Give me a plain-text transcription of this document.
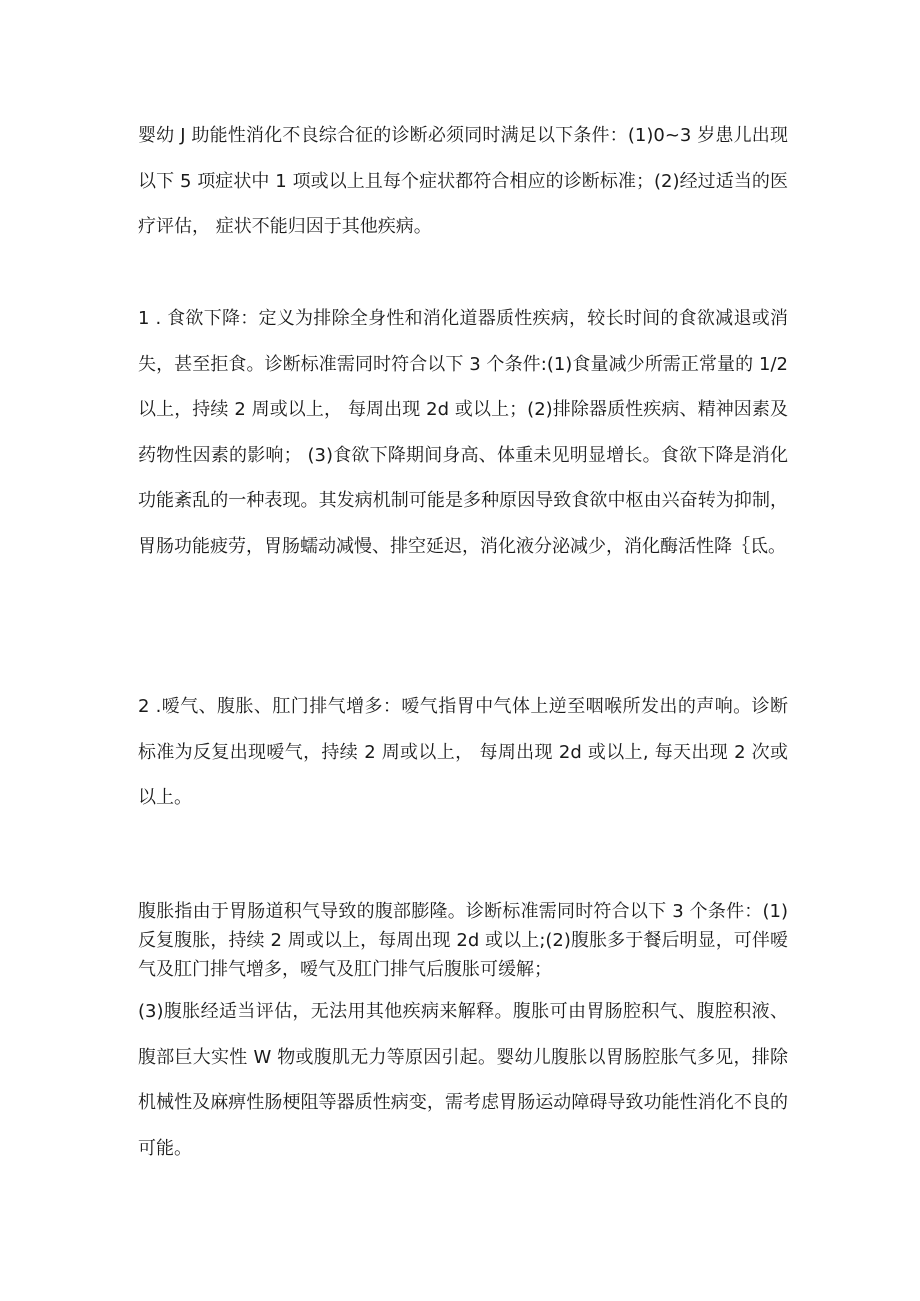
婴幼 J 助能性消化不良综合征的诊断必须同时满足以下条件：(1)0~3 岁患儿出现以下 5 项症状中 1 项或以上且每个症状都符合相应的诊断标准；(2)经过适当的医疗评估， 症状不能归因于其他疾病。

1 . 食欲下降：定义为排除全身性和消化道器质性疾病，较长时间的食欲减退或消失，甚至拒食。诊断标准需同时符合以下 3 个条件:(1)食量减少所需正常量的 1/2 以上，持续 2 周或以上， 每周出现 2d 或以上；(2)排除器质性疾病、精神因素及药物性因素的影响； (3)食欲下降期间身高、体重未见明显增长。食欲下降是消化功能紊乱的一种表现。其发病机制可能是多种原因导致食欲中枢由兴奋转为抑制，胃肠功能疲劳，胃肠蠕动减慢、排空延迟，消化液分泌减少，消化酶活性降｛氐。

2 .嗳气、腹胀、肛门排气增多：嗳气指胃中气体上逆至咽喉所发出的声响。诊断标准为反复出现嗳气，持续 2 周或以上， 每周出现 2d 或以上, 每天出现 2 次或以上。

腹胀指由于胃肠道积气导致的腹部膨隆。诊断标准需同时符合以下 3 个条件：(1)反复腹胀，持续 2 周或以上，每周出现 2d 或以上;(2)腹胀多于餐后明显，可伴嗳气及肛门排气增多，嗳气及肛门排气后腹胀可缓解；

(3)腹胀经适当评估，无法用其他疾病来解释。腹胀可由胃肠腔积气、腹腔积液、腹部巨大实性 W 物或腹肌无力等原因引起。婴幼儿腹胀以胃肠腔胀气多见，排除机械性及麻痹性肠梗阻等器质性病变，需考虑胃肠运动障碍导致功能性消化不良的可能。
